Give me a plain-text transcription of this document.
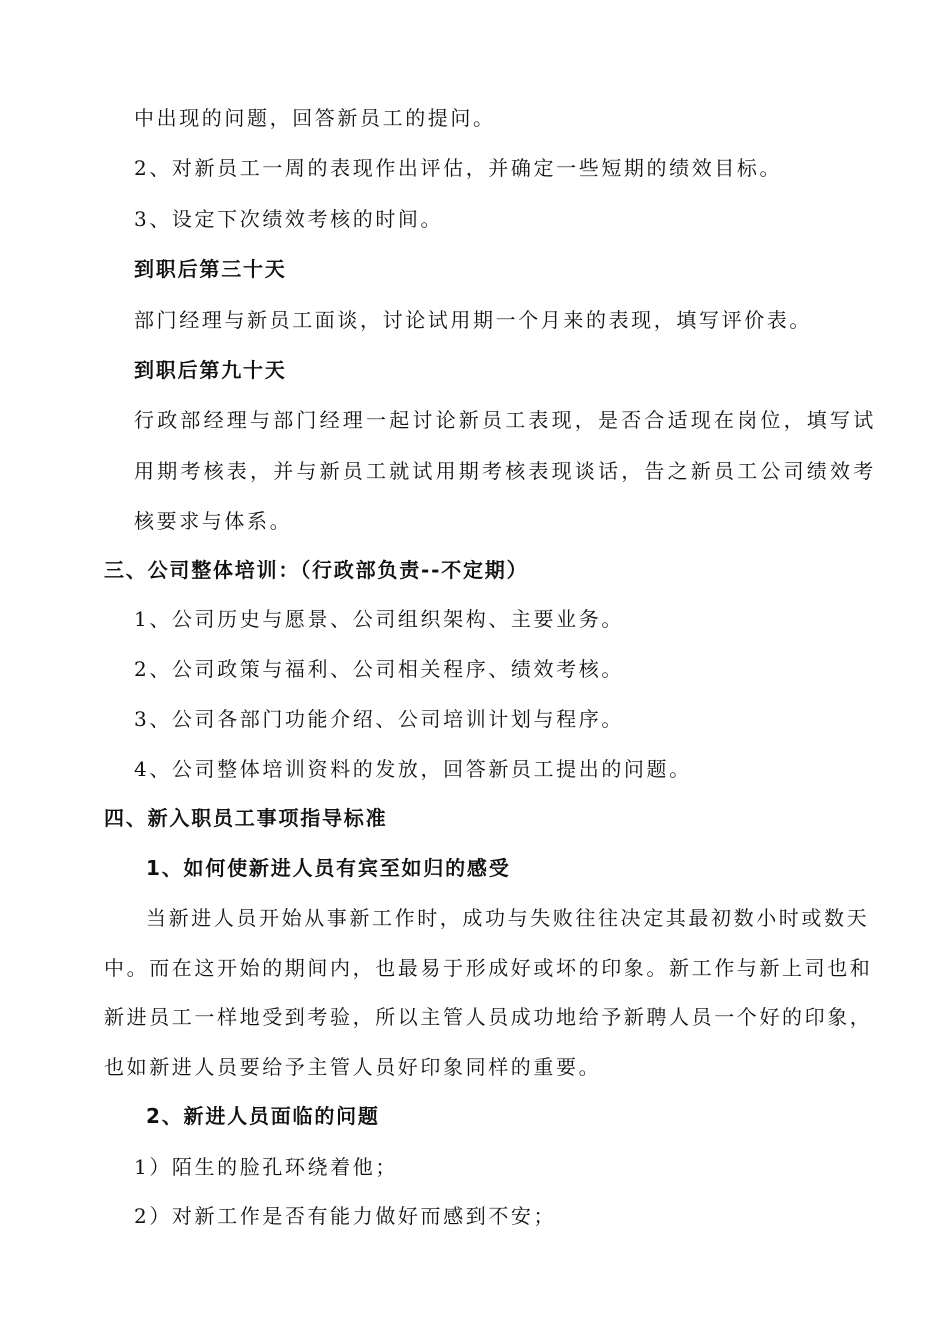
中出现的问题，回答新员工的提问。
2、对新员工一周的表现作出评估，并确定一些短期的绩效目标。
3、设定下次绩效考核的时间。
到职后第三十天
部门经理与新员工面谈，讨论试用期一个月来的表现，填写评价表。
到职后第九十天
行政部经理与部门经理一起讨论新员工表现，是否合适现在岗位，填写试
用期考核表，并与新员工就试用期考核表现谈话，告之新员工公司绩效考
核要求与体系。
三、公司整体培训：（行政部负责--不定期）
1、公司历史与愿景、公司组织架构、主要业务。
2、公司政策与福利、公司相关程序、绩效考核。
3、公司各部门功能介绍、公司培训计划与程序。
4、公司整体培训资料的发放，回答新员工提出的问题。
四、新入职员工事项指导标准
1、如何使新进人员有宾至如归的感受
当新进人员开始从事新工作时，成功与失败往往决定其最初数小时或数天
中。而在这开始的期间内，也最易于形成好或坏的印象。新工作与新上司也和
新进员工一样地受到考验，所以主管人员成功地给予新聘人员一个好的印象，
也如新进人员要给予主管人员好印象同样的重要。
2、新进人员面临的问题
1）陌生的脸孔环绕着他；
2）对新工作是否有能力做好而感到不安；
